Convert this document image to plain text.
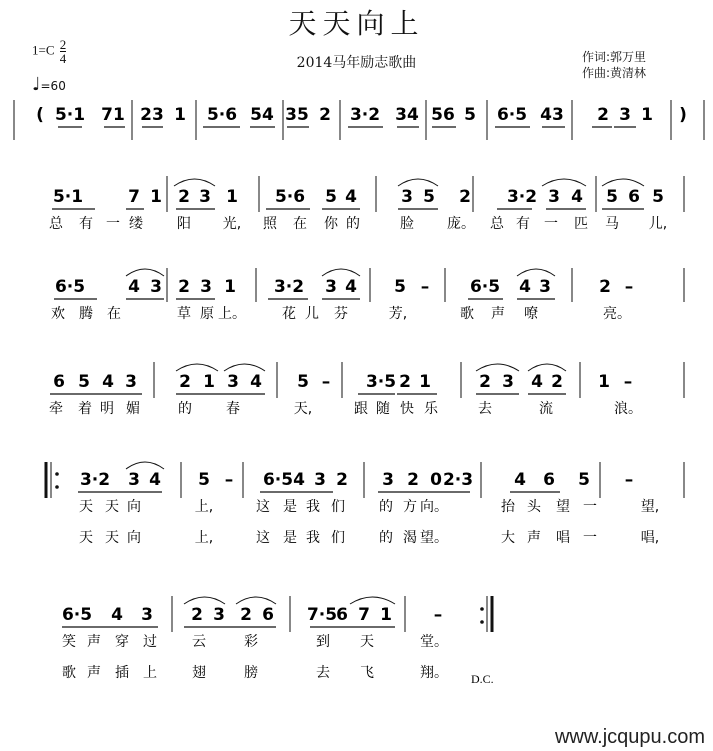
天天向上
2014马年励志歌曲
$1=C \frac{2}{4}$
♩=60
作词:郭万里
作曲:黄清林
( 5·1 71 23 1 5·6 54 35 2 3·2 34 56 5 6·5 43 2 3 1 )
5·1	7 1 2 3 1 5·6 5 4	3 5 2 3·2 3 4 5 6 5
6·5	4 3 2 3 1 3·2 3 4 5 – 6·5 4 3	2 –
6 5 4 3 2 1 3 4 5 – 3·5 2 1	2 3 4 2 1 –
3·2 3 4 5 – 6·5 4 3 2 3 2 0 2·3 4 6 5 –
6·5 4 3 2 3 2 6 7·5 6 7 1 –
总 有 一 缕 阳 光, 照 在 你 的	脸 庞。 总 有 一 匹 马 儿,
欢 腾 在	草 原 上。	花 儿 芬	芳,	歌 声 嘹	亮。
牵 着 明 媚	的 春	天,	跟 随 快 乐	去	流	浪。
天 天 向	上,	这 是 我 们 的 方 向。	抬 头 望 一	望,
天 天 向	上,	这 是 我 们 的 渴 望。	大 声 唱 一	唱,
笑 声 穿 过	云	彩	到 天	堂。
歌 声 插 上	翅	膀	去 飞	翔。 D.C.
www.jcqupu.com
